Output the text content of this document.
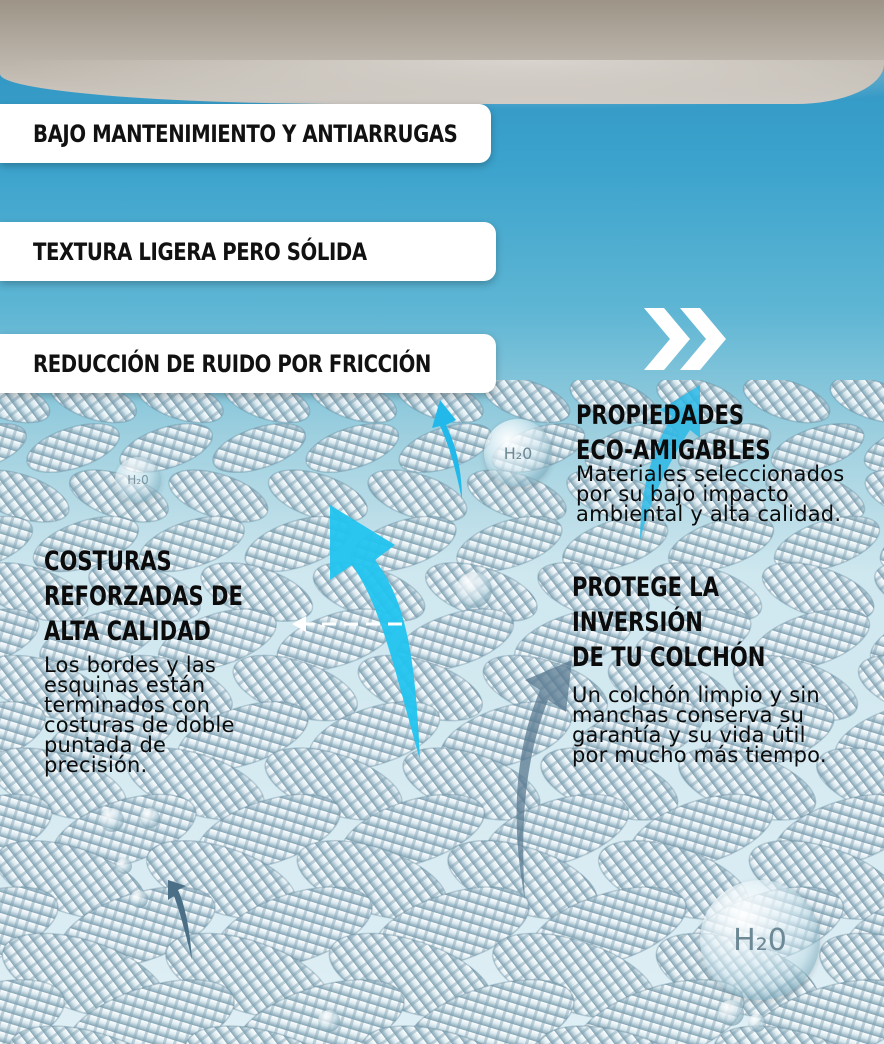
BAJO MANTENIMIENTO Y ANTIARRUGAS
TEXTURA LIGERA PERO SÓLIDA
REDUCCIÓN DE RUIDO POR FRICCIÓN
H₂0
H₂0
H₂0
COSTURAS
REFORZADAS DE
ALTA CALIDAD
Los bordes y las
esquinas están
terminados con
costuras de doble
puntada de
precisión.
PROPIEDADES
ECO-AMIGABLES
Materiales seleccionados
por su bajo impacto
ambiental y alta calidad.
PROTEGE LA INVERSIÓN
DE TU COLCHÓN
Un colchón limpio y sin
manchas conserva su
garantía y su vida útil
por mucho más tiempo.
